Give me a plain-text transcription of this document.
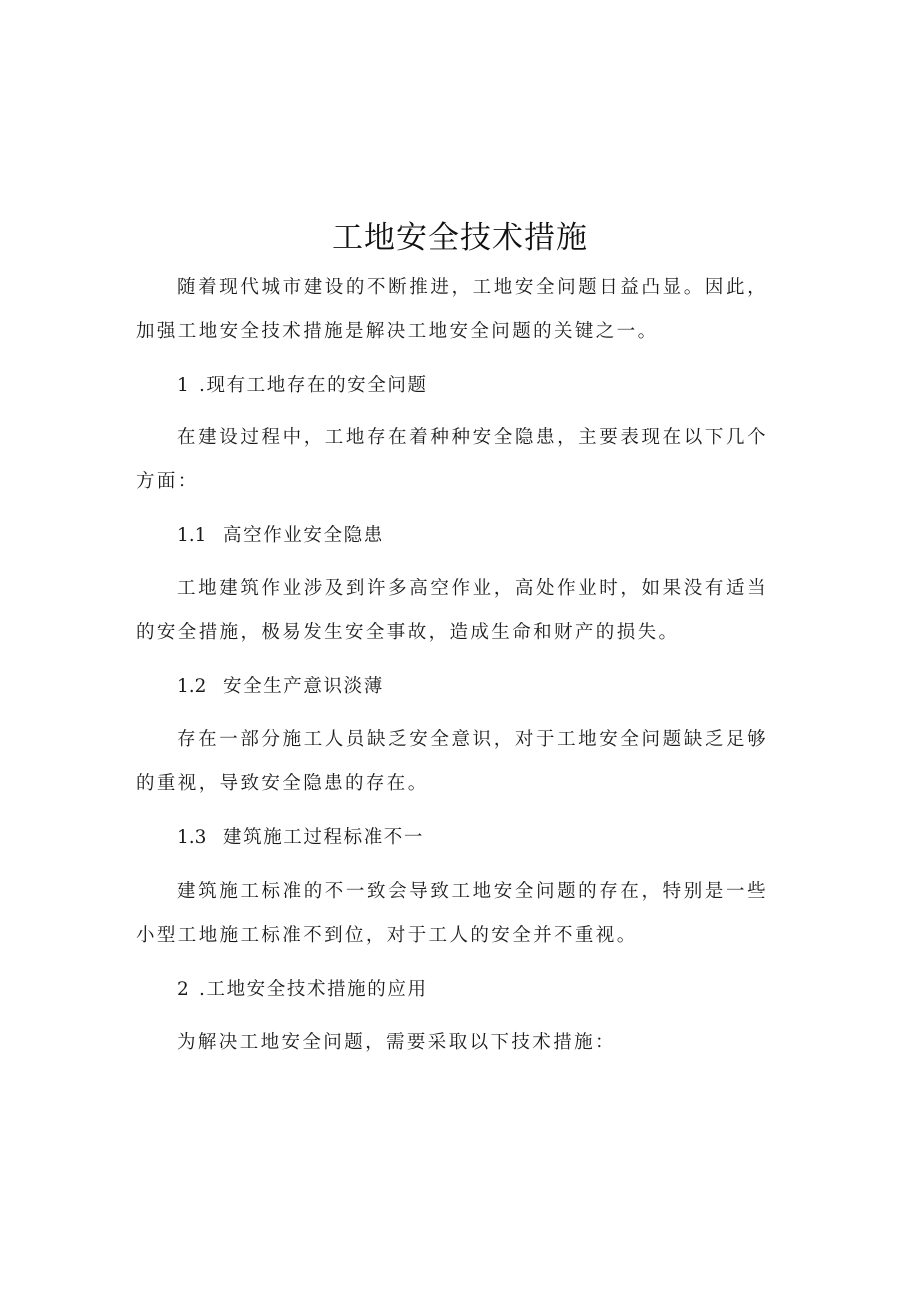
工地安全技术措施

随着现代城市建设的不断推进，工地安全问题日益凸显。因此，加强工地安全技术措施是解决工地安全问题的关键之一。

1 .现有工地存在的安全问题

在建设过程中，工地存在着种种安全隐患，主要表现在以下几个方面：

1.1 高空作业安全隐患

工地建筑作业涉及到许多高空作业，高处作业时，如果没有适当的安全措施，极易发生安全事故，造成生命和财产的损失。

1.2 安全生产意识淡薄

存在一部分施工人员缺乏安全意识，对于工地安全问题缺乏足够的重视，导致安全隐患的存在。

1.3 建筑施工过程标准不一

建筑施工标准的不一致会导致工地安全问题的存在，特别是一些小型工地施工标准不到位，对于工人的安全并不重视。

2 .工地安全技术措施的应用

为解决工地安全问题，需要采取以下技术措施：
